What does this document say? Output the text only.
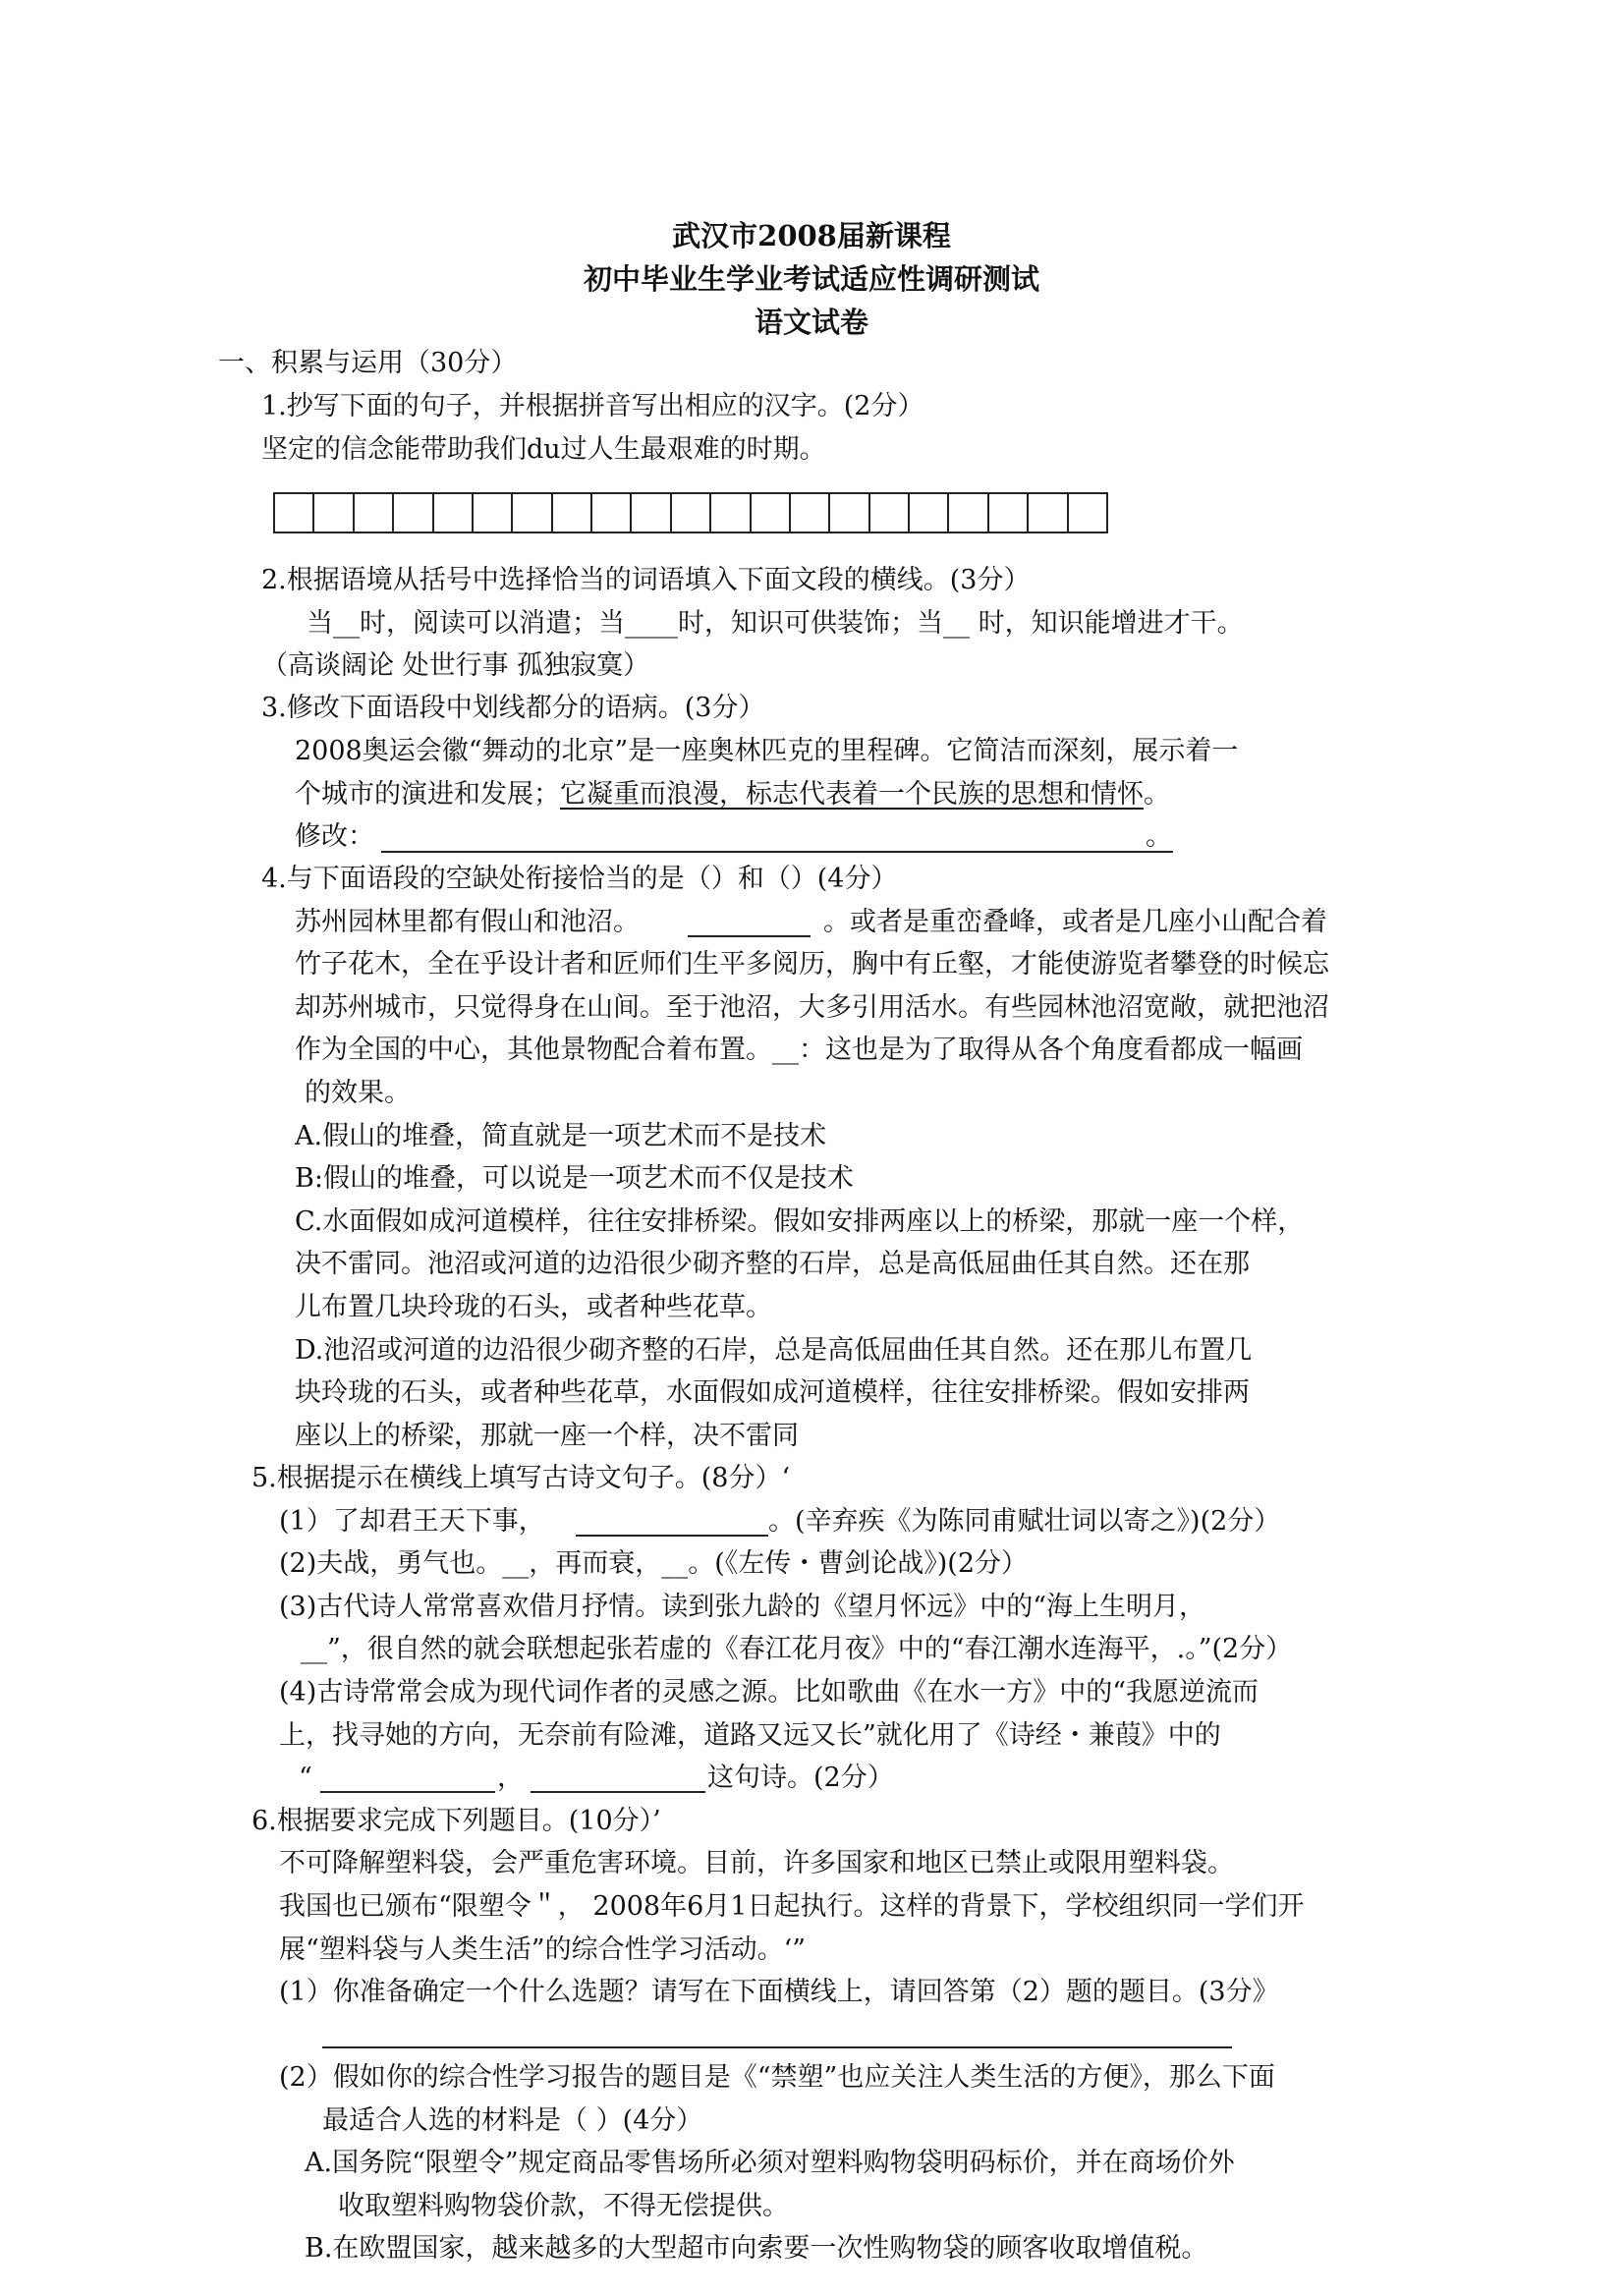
武汉市2008届新课程
初中毕业生学业考试适应性调研测试
语文试卷
一、积累与运用（30分）
1.抄写下面的句子，并根据拼音写出相应的汉字。(2分）
坚定的信念能带助我们du过人生最艰难的时期。
2.根据语境从括号中选择恰当的词语填入下面文段的横线。(3分）
当__时，阅读可以消遣；当____时，知识可供装饰；当__ 时，知识能增进才干。
（高谈阔论 处世行事 孤独寂寞）
3.修改下面语段中划线都分的语病。(3分）
2008奥运会徽“舞动的北京”是一座奥林匹克的里程碑。它简洁而深刻，展示着一
个城市的演进和发展；它凝重而浪漫，标志代表着一个民族的思想和情怀。
修改：	。
4.与下面语段的空缺处衔接恰当的是（）和（）(4分）
苏州园林里都有假山和池沼。	。或者是重峦叠峰，或者是几座小山配合着
竹子花木，全在乎设计者和匠师们生平多阅历，胸中有丘壑，才能使游览者攀登的时候忘
却苏州城市，只觉得身在山间。至于池沼，大多引用活水。有些园林池沼宽敞，就把池沼
作为全国的中心，其他景物配合着布置。__：这也是为了取得从各个角度看都成一幅画
的效果。
A.假山的堆叠，简直就是一项艺术而不是技术
B:假山的堆叠，可以说是一项艺术而不仅是技术
C.水面假如成河道模样，往往安排桥梁。假如安排两座以上的桥梁，那就一座一个样，
决不雷同。池沼或河道的边沿很少砌齐整的石岸，总是高低屈曲任其自然。还在那
儿布置几块玲珑的石头，或者种些花草。
D.池沼或河道的边沿很少砌齐整的石岸，总是高低屈曲任其自然。还在那儿布置几
块玲珑的石头，或者种些花草，水面假如成河道模样，往往安排桥梁。假如安排两
座以上的桥梁，那就一座一个样，决不雷同
5.根据提示在横线上填写古诗文句子。(8分）‘
(1）了却君王天下事，	。(辛弃疾《为陈同甫赋壮词以寄之》)(2分）
(2)夫战，勇气也。__，再而衰，__。(《左传・曹剑论战》)(2分）
(3)古代诗人常常喜欢借月抒情。读到张九龄的《望月怀远》中的“海上生明月，
__”，很自然的就会联想起张若虚的《春江花月夜》中的“春江潮水连海平，.。”(2分）
(4)古诗常常会成为现代词作者的灵感之源。比如歌曲《在水一方》中的“我愿逆流而
上，找寻她的方向，无奈前有险滩，道路又远又长”就化用了《诗经・兼葭》中的
“	，	这句诗。(2分）
6.根据要求完成下列题目。(10分）’
不可降解塑料袋，会严重危害环境。目前，许多国家和地区已禁止或限用塑料袋。
我国也已颁布“限塑令＂， 2008年6月1日起执行。这样的背景下，学校组织同一学们开
展“塑料袋与人类生活”的综合性学习活动。‘”
(1）你准备确定一个什么选题？请写在下面横线上，请回答第（2）题的题目。(3分》
(2）假如你的综合性学习报告的题目是《“禁塑”也应关注人类生活的方便》，那么下面
最适合人选的材料是（ ）(4分）
A.国务院“限塑令”规定商品零售场所必须对塑料购物袋明码标价，并在商场价外
收取塑料购物袋价款，不得无偿提供。
B.在欧盟国家，越来越多的大型超市向索要一次性购物袋的顾客收取增值税。
